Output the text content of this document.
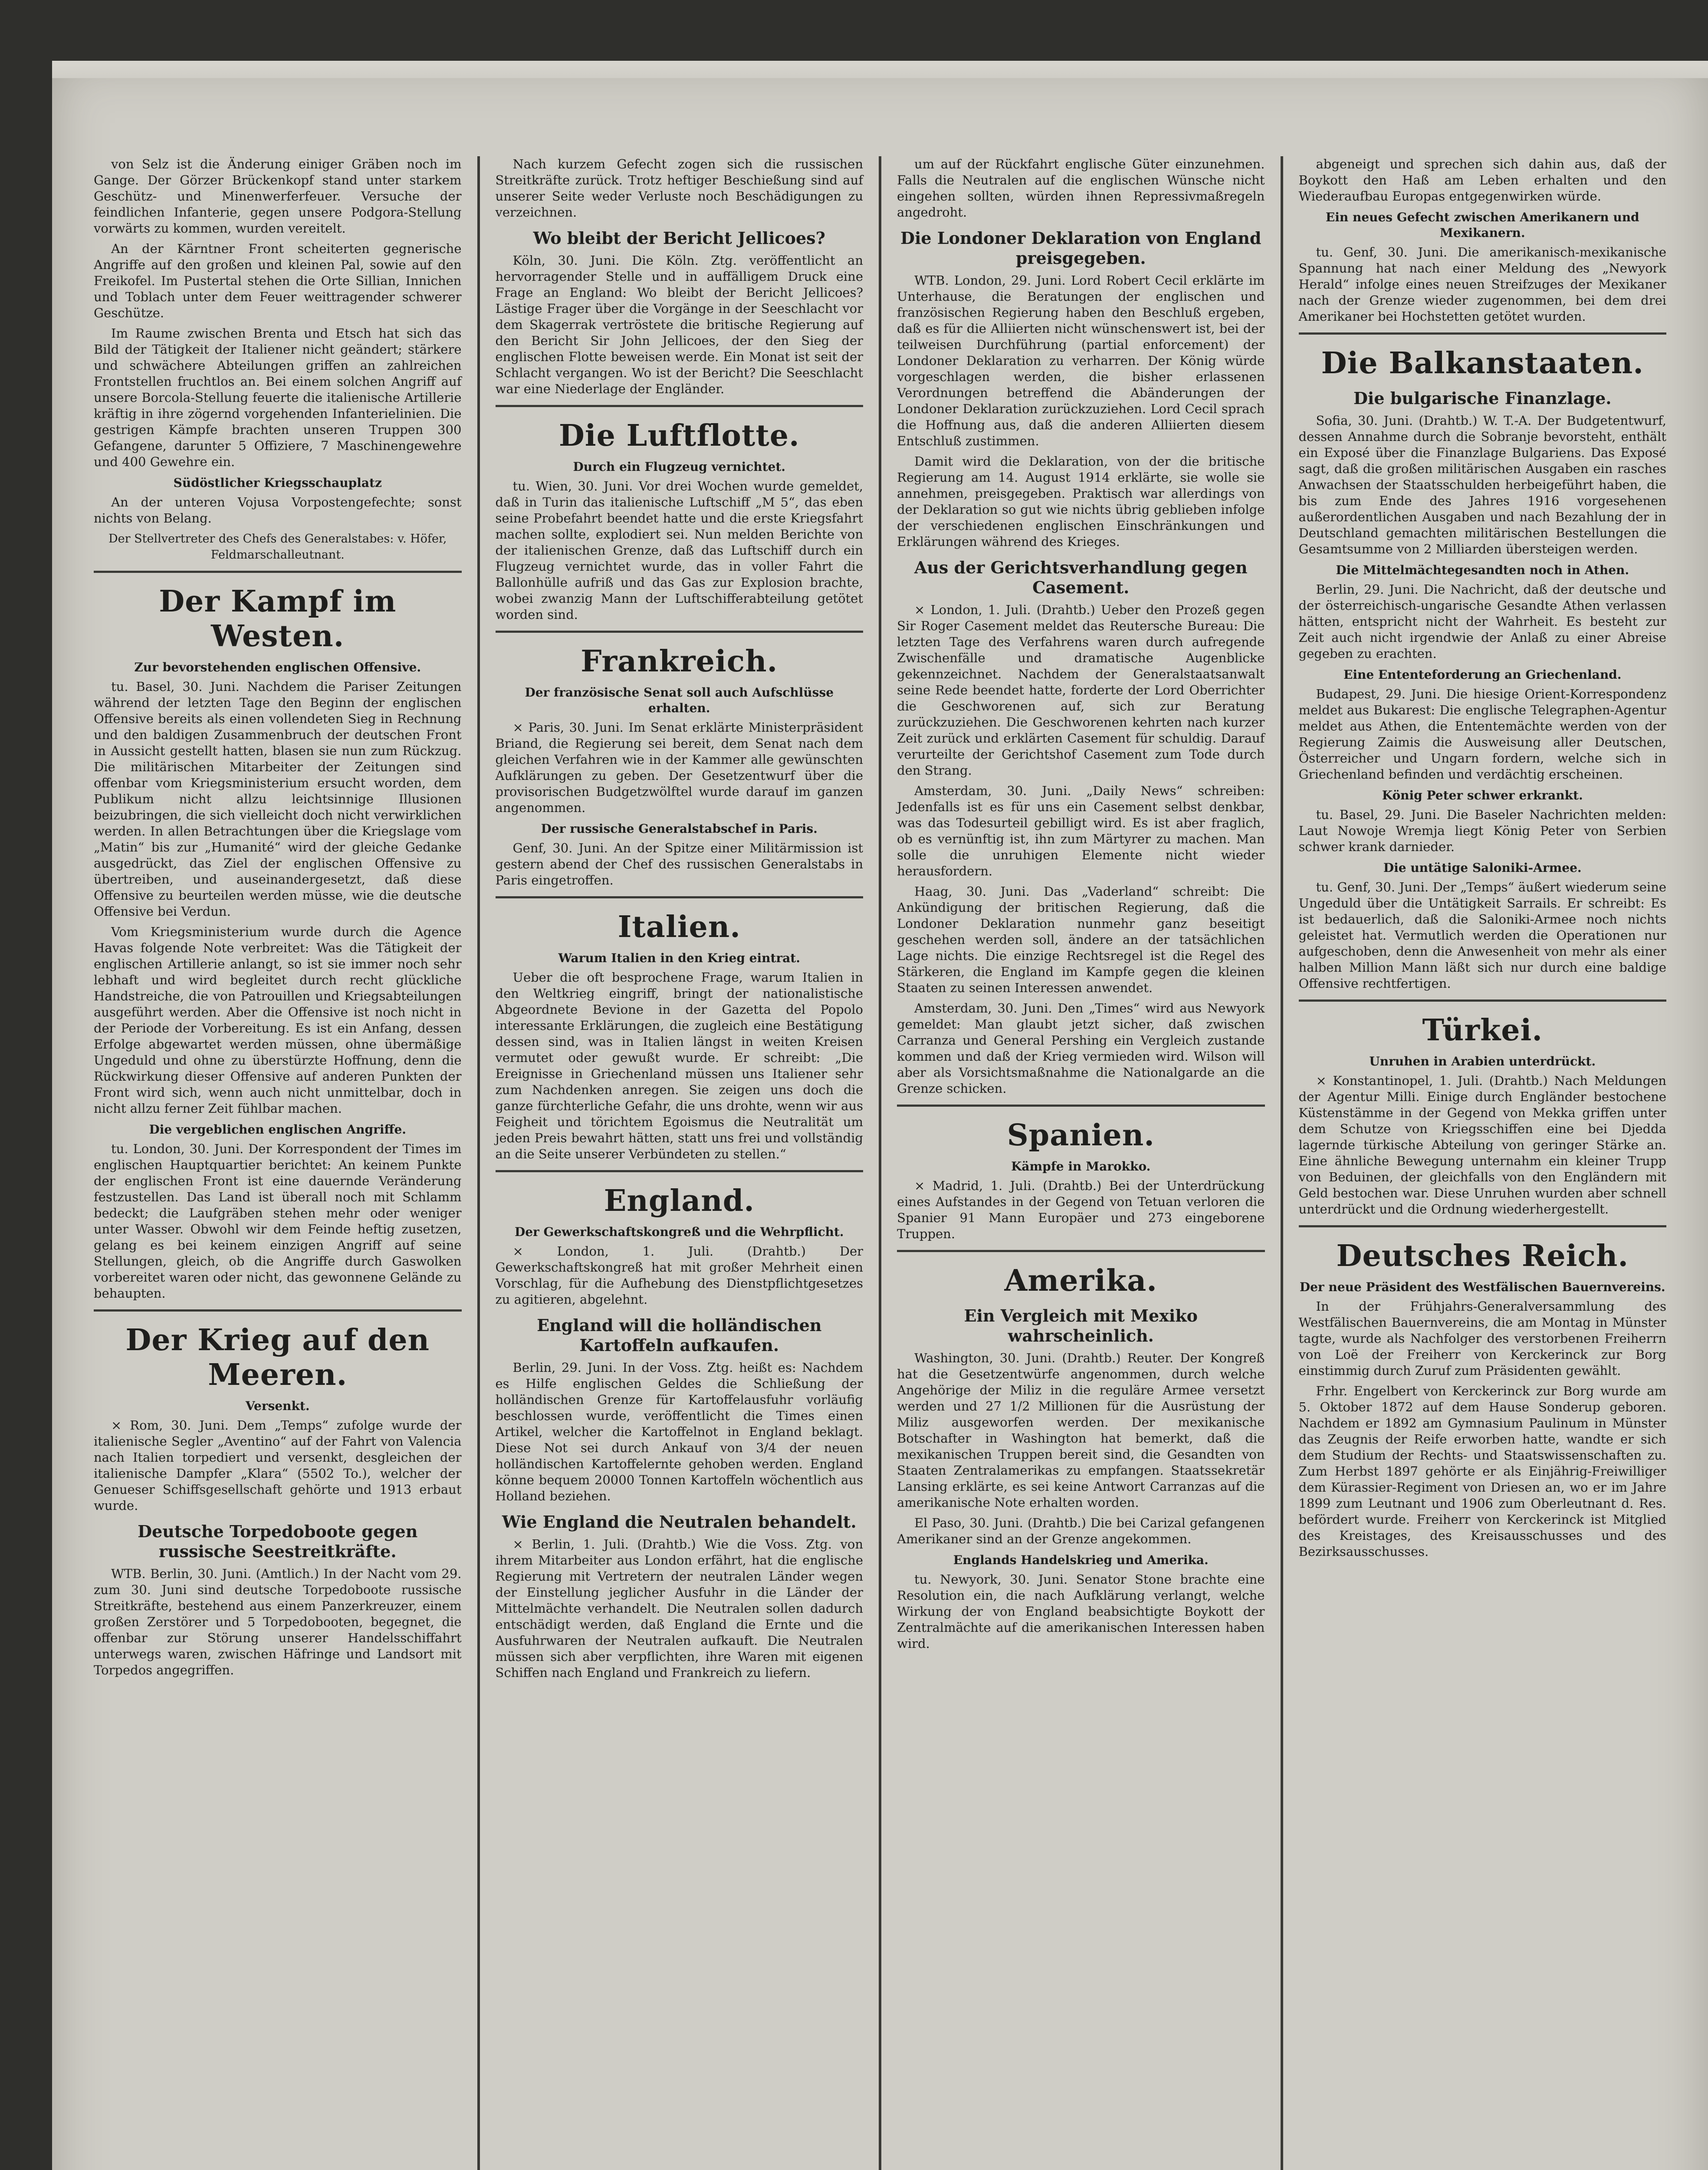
von Selz ist die Änderung einiger Gräben noch im Gange. Der Görzer Brückenkopf stand unter starkem Geschütz- und Minenwerferfeuer. Versuche der feindlichen Infanterie, gegen unsere Podgora-Stellung vorwärts zu kommen, wurden vereitelt.

An der Kärntner Front scheiterten gegnerische Angriffe auf den großen und kleinen Pal, sowie auf den Freikofel. Im Pustertal stehen die Orte Sillian, Innichen und Toblach unter dem Feuer weittragender schwerer Geschütze.

Im Raume zwischen Brenta und Etsch hat sich das Bild der Tätigkeit der Italiener nicht geändert; stärkere und schwächere Abteilungen griffen an zahlreichen Frontstellen fruchtlos an. Bei einem solchen Angriff auf unsere Borcola-Stellung feuerte die italienische Artillerie kräftig in ihre zögernd vorgehenden Infanterielinien. Die gestrigen Kämpfe brachten unseren Truppen 300 Gefangene, darunter 5 Offiziere, 7 Maschinengewehre und 400 Gewehre ein.

Südöstlicher Kriegsschauplatz

An der unteren Vojusa Vorpostengefechte; sonst nichts von Belang.

Der Stellvertreter des Chefs des Generalstabes: v. Höfer, Feldmarschalleutnant.
Der Kampf im Westen.
Zur bevorstehenden englischen Offensive.

tu. Basel, 30. Juni. Nachdem die Pariser Zeitungen während der letzten Tage den Beginn der englischen Offensive bereits als einen vollendeten Sieg in Rechnung und den baldigen Zusammenbruch der deutschen Front in Aussicht gestellt hatten, blasen sie nun zum Rückzug. Die militärischen Mitarbeiter der Zeitungen sind offenbar vom Kriegsministerium ersucht worden, dem Publikum nicht allzu leichtsinnige Illusionen beizubringen, die sich vielleicht doch nicht verwirklichen werden. In allen Betrachtungen über die Kriegslage vom „Matin“ bis zur „Humanité“ wird der gleiche Gedanke ausgedrückt, das Ziel der englischen Offensive zu übertreiben, und auseinandergesetzt, daß diese Offensive zu beurteilen werden müsse, wie die deutsche Offensive bei Verdun.

Vom Kriegsministerium wurde durch die Agence Havas folgende Note verbreitet: Was die Tätigkeit der englischen Artillerie anlangt, so ist sie immer noch sehr lebhaft und wird begleitet durch recht glückliche Handstreiche, die von Patrouillen und Kriegsabteilungen ausgeführt werden. Aber die Offensive ist noch nicht in der Periode der Vorbereitung. Es ist ein Anfang, dessen Erfolge abgewartet werden müssen, ohne übermäßige Ungeduld und ohne zu überstürzte Hoffnung, denn die Rückwirkung dieser Offensive auf anderen Punkten der Front wird sich, wenn auch nicht unmittelbar, doch in nicht allzu ferner Zeit fühlbar machen.

Die vergeblichen englischen Angriffe.

tu. London, 30. Juni. Der Korrespondent der Times im englischen Hauptquartier berichtet: An keinem Punkte der englischen Front ist eine dauernde Veränderung festzustellen. Das Land ist überall noch mit Schlamm bedeckt; die Laufgräben stehen mehr oder weniger unter Wasser. Obwohl wir dem Feinde heftig zusetzen, gelang es bei keinem einzigen Angriff auf seine Stellungen, gleich, ob die Angriffe durch Gaswolken vorbereitet waren oder nicht, das gewonnene Gelände zu behaupten.

Der Krieg auf den Meeren.
Versenkt.

× Rom, 30. Juni. Dem „Temps“ zufolge wurde der italienische Segler „Aventino“ auf der Fahrt von Valencia nach Italien torpediert und versenkt, desgleichen der italienische Dampfer „Klara“ (5502 To.), welcher der Genueser Schiffsgesellschaft gehörte und 1913 erbaut wurde.

Deutsche Torpedoboote gegen russische Seestreitkräfte.

WTB. Berlin, 30. Juni. (Amtlich.) In der Nacht vom 29. zum 30. Juni sind deutsche Torpedoboote russische Streitkräfte, bestehend aus einem Panzerkreuzer, einem großen Zerstörer und 5 Torpedobooten, begegnet, die offenbar zur Störung unserer Handelsschiffahrt unterwegs waren, zwischen Häfringe und Landsort mit Torpedos angegriffen.

Nach kurzem Gefecht zogen sich die russischen Streitkräfte zurück. Trotz heftiger Beschießung sind auf unserer Seite weder Verluste noch Beschädigungen zu verzeichnen.

Wo bleibt der Bericht Jellicoes?

Köln, 30. Juni. Die Köln. Ztg. veröffentlicht an hervorragender Stelle und in auffälligem Druck eine Frage an England: Wo bleibt der Bericht Jellicoes? Lästige Frager über die Vorgänge in der Seeschlacht vor dem Skagerrak vertröstete die britische Regierung auf den Bericht Sir John Jellicoes, der den Sieg der englischen Flotte beweisen werde. Ein Monat ist seit der Schlacht vergangen. Wo ist der Bericht? Die Seeschlacht war eine Niederlage der Engländer.

Die Luftflotte.
Durch ein Flugzeug vernichtet.

tu. Wien, 30. Juni. Vor drei Wochen wurde gemeldet, daß in Turin das italienische Luftschiff „M 5“, das eben seine Probefahrt beendet hatte und die erste Kriegsfahrt machen sollte, explodiert sei. Nun melden Berichte von der italienischen Grenze, daß das Luftschiff durch ein Flugzeug vernichtet wurde, das in voller Fahrt die Ballonhülle aufriß und das Gas zur Explosion brachte, wobei zwanzig Mann der Luftschifferabteilung getötet worden sind.

Frankreich.
Der französische Senat soll auch Aufschlüsse erhalten.

× Paris, 30. Juni. Im Senat erklärte Ministerpräsident Briand, die Regierung sei bereit, dem Senat nach dem gleichen Verfahren wie in der Kammer alle gewünschten Aufklärungen zu geben. Der Gesetzentwurf über die provisorischen Budgetzwölftel wurde darauf im ganzen angenommen.

Der russische Generalstabschef in Paris.

Genf, 30. Juni. An der Spitze einer Militärmission ist gestern abend der Chef des russischen Generalstabs in Paris eingetroffen.

Italien.
Warum Italien in den Krieg eintrat.

Ueber die oft besprochene Frage, warum Italien in den Weltkrieg eingriff, bringt der nationalistische Abgeordnete Bevione in der Gazetta del Popolo interessante Erklärungen, die zugleich eine Bestätigung dessen sind, was in Italien längst in weiten Kreisen vermutet oder gewußt wurde. Er schreibt: „Die Ereignisse in Griechenland müssen uns Italiener sehr zum Nachdenken anregen. Sie zeigen uns doch die ganze fürchterliche Gefahr, die uns drohte, wenn wir aus Feigheit und törichtem Egoismus die Neutralität um jeden Preis bewahrt hätten, statt uns frei und vollständig an die Seite unserer Verbündeten zu stellen.“

England.
Der Gewerkschaftskongreß und die Wehrpflicht.

× London, 1. Juli. (Drahtb.) Der Gewerkschaftskongreß hat mit großer Mehrheit einen Vorschlag, für die Aufhebung des Dienstpflichtgesetzes zu agitieren, abgelehnt.

England will die holländischen Kartoffeln aufkaufen.

Berlin, 29. Juni. In der Voss. Ztg. heißt es: Nachdem es Hilfe englischen Geldes die Schließung der holländischen Grenze für Kartoffelausfuhr vorläufig beschlossen wurde, veröffentlicht die Times einen Artikel, welcher die Kartoffelnot in England beklagt. Diese Not sei durch Ankauf von 3/4 der neuen holländischen Kartoffelernte gehoben werden. England könne bequem 20000 Tonnen Kartoffeln wöchentlich aus Holland beziehen.

Wie England die Neutralen behandelt.

× Berlin, 1. Juli. (Drahtb.) Wie die Voss. Ztg. von ihrem Mitarbeiter aus London erfährt, hat die englische Regierung mit Vertretern der neutralen Länder wegen der Einstellung jeglicher Ausfuhr in die Länder der Mittelmächte verhandelt. Die Neutralen sollen dadurch entschädigt werden, daß England die Ernte und die Ausfuhrwaren der Neutralen aufkauft. Die Neutralen müssen sich aber verpflichten, ihre Waren mit eigenen Schiffen nach England und Frankreich zu liefern.

um auf der Rückfahrt englische Güter einzunehmen. Falls die Neutralen auf die englischen Wünsche nicht eingehen sollten, würden ihnen Repressivmaßregeln angedroht.

Die Londoner Deklaration von England preisgegeben.

WTB. London, 29. Juni. Lord Robert Cecil erklärte im Unterhause, die Beratungen der englischen und französischen Regierung haben den Beschluß ergeben, daß es für die Alliierten nicht wünschenswert ist, bei der teilweisen Durchführung (partial enforcement) der Londoner Deklaration zu verharren. Der König würde vorgeschlagen werden, die bisher erlassenen Verordnungen betreffend die Abänderungen der Londoner Deklaration zurückzuziehen. Lord Cecil sprach die Hoffnung aus, daß die anderen Alliierten diesem Entschluß zustimmen.

Damit wird die Deklaration, von der die britische Regierung am 14. August 1914 erklärte, sie wolle sie annehmen, preisgegeben. Praktisch war allerdings von der Deklaration so gut wie nichts übrig geblieben infolge der verschiedenen englischen Einschränkungen und Erklärungen während des Krieges.

Aus der Gerichtsverhandlung gegen Casement.

× London, 1. Juli. (Drahtb.) Ueber den Prozeß gegen Sir Roger Casement meldet das Reutersche Bureau: Die letzten Tage des Verfahrens waren durch aufregende Zwischenfälle und dramatische Augenblicke gekennzeichnet. Nachdem der Generalstaatsanwalt seine Rede beendet hatte, forderte der Lord Oberrichter die Geschworenen auf, sich zur Beratung zurückzuziehen. Die Geschworenen kehrten nach kurzer Zeit zurück und erklärten Casement für schuldig. Darauf verurteilte der Gerichtshof Casement zum Tode durch den Strang.

Amsterdam, 30. Juni. „Daily News“ schreiben: Jedenfalls ist es für uns ein Casement selbst denkbar, was das Todesurteil gebilligt wird. Es ist aber fraglich, ob es vernünftig ist, ihn zum Märtyrer zu machen. Man solle die unruhigen Elemente nicht wieder herausfordern.

Haag, 30. Juni. Das „Vaderland“ schreibt: Die Ankündigung der britischen Regierung, daß die Londoner Deklaration nunmehr ganz beseitigt geschehen werden soll, ändere an der tatsächlichen Lage nichts. Die einzige Rechtsregel ist die Regel des Stärkeren, die England im Kampfe gegen die kleinen Staaten zu seinen Interessen anwendet.

Amsterdam, 30. Juni. Den „Times“ wird aus Newyork gemeldet: Man glaubt jetzt sicher, daß zwischen Carranza und General Pershing ein Vergleich zustande kommen und daß der Krieg vermieden wird. Wilson will aber als Vorsichtsmaßnahme die Nationalgarde an die Grenze schicken.

Spanien.
Kämpfe in Marokko.

× Madrid, 1. Juli. (Drahtb.) Bei der Unterdrückung eines Aufstandes in der Gegend von Tetuan verloren die Spanier 91 Mann Europäer und 273 eingeborene Truppen.

Amerika.
Ein Vergleich mit Mexiko wahrscheinlich.

Washington, 30. Juni. (Drahtb.) Reuter. Der Kongreß hat die Gesetzentwürfe angenommen, durch welche Angehörige der Miliz in die reguläre Armee versetzt werden und 27 1/2 Millionen für die Ausrüstung der Miliz ausgeworfen werden. Der mexikanische Botschafter in Washington hat bemerkt, daß die mexikanischen Truppen bereit sind, die Gesandten von Staaten Zentralamerikas zu empfangen. Staatssekretär Lansing erklärte, es sei keine Antwort Carranzas auf die amerikanische Note erhalten worden.

El Paso, 30. Juni. (Drahtb.) Die bei Carizal gefangenen Amerikaner sind an der Grenze angekommen.

Englands Handelskrieg und Amerika.

tu. Newyork, 30. Juni. Senator Stone brachte eine Resolution ein, die nach Aufklärung verlangt, welche Wirkung der von England beabsichtigte Boykott der Zentralmächte auf die amerikanischen Interessen haben wird.

abgeneigt und sprechen sich dahin aus, daß der Boykott den Haß am Leben erhalten und den Wiederaufbau Europas entgegenwirken würde.

Ein neues Gefecht zwischen Amerikanern und Mexikanern.

tu. Genf, 30. Juni. Die amerikanisch-mexikanische Spannung hat nach einer Meldung des „Newyork Herald“ infolge eines neuen Streifzuges der Mexikaner nach der Grenze wieder zugenommen, bei dem drei Amerikaner bei Hochstetten getötet wurden.

Die Balkanstaaten.
Die bulgarische Finanzlage.

Sofia, 30. Juni. (Drahtb.) W. T.-A. Der Budgetentwurf, dessen Annahme durch die Sobranje bevorsteht, enthält ein Exposé über die Finanzlage Bulgariens. Das Exposé sagt, daß die großen militärischen Ausgaben ein rasches Anwachsen der Staatsschulden herbeigeführt haben, die bis zum Ende des Jahres 1916 vorgesehenen außerordentlichen Ausgaben und nach Bezahlung der in Deutschland gemachten militärischen Bestellungen die Gesamtsumme von 2 Milliarden übersteigen werden.

Die Mittelmächtegesandten noch in Athen.

Berlin, 29. Juni. Die Nachricht, daß der deutsche und der österreichisch-ungarische Gesandte Athen verlassen hätten, entspricht nicht der Wahrheit. Es besteht zur Zeit auch nicht irgendwie der Anlaß zu einer Abreise gegeben zu erachten.

Eine Ententeforderung an Griechenland.

Budapest, 29. Juni. Die hiesige Orient-Korrespondenz meldet aus Bukarest: Die englische Telegraphen-Agentur meldet aus Athen, die Ententemächte werden von der Regierung Zaimis die Ausweisung aller Deutschen, Österreicher und Ungarn fordern, welche sich in Griechenland befinden und verdächtig erscheinen.

König Peter schwer erkrankt.

tu. Basel, 29. Juni. Die Baseler Nachrichten melden: Laut Nowoje Wremja liegt König Peter von Serbien schwer krank darnieder.

Die untätige Saloniki-Armee.

tu. Genf, 30. Juni. Der „Temps“ äußert wiederum seine Ungeduld über die Untätigkeit Sarrails. Er schreibt: Es ist bedauerlich, daß die Saloniki-Armee noch nichts geleistet hat. Vermutlich werden die Operationen nur aufgeschoben, denn die Anwesenheit von mehr als einer halben Million Mann läßt sich nur durch eine baldige Offensive rechtfertigen.

Türkei.
Unruhen in Arabien unterdrückt.

× Konstantinopel, 1. Juli. (Drahtb.) Nach Meldungen der Agentur Milli. Einige durch Engländer bestochene Küstenstämme in der Gegend von Mekka griffen unter dem Schutze von Kriegsschiffen eine bei Djedda lagernde türkische Abteilung von geringer Stärke an. Eine ähnliche Bewegung unternahm ein kleiner Trupp von Beduinen, der gleichfalls von den Engländern mit Geld bestochen war. Diese Unruhen wurden aber schnell unterdrückt und die Ordnung wiederhergestellt.

Deutsches Reich.
Der neue Präsident des Westfälischen Bauernvereins.

In der Frühjahrs-Generalversammlung des Westfälischen Bauernvereins, die am Montag in Münster tagte, wurde als Nachfolger des verstorbenen Freiherrn von Loë der Freiherr von Kerckerinck zur Borg einstimmig durch Zuruf zum Präsidenten gewählt.

Frhr. Engelbert von Kerckerinck zur Borg wurde am 5. Oktober 1872 auf dem Hause Sonderup geboren. Nachdem er 1892 am Gymnasium Paulinum in Münster das Zeugnis der Reife erworben hatte, wandte er sich dem Studium der Rechts- und Staatswissenschaften zu. Zum Herbst 1897 gehörte er als Einjährig-Freiwilliger dem Kürassier-Regiment von Driesen an, wo er im Jahre 1899 zum Leutnant und 1906 zum Oberleutnant d. Res. befördert wurde. Freiherr von Kerckerinck ist Mitglied des Kreistages, des Kreisausschusses und des Bezirksausschusses.
